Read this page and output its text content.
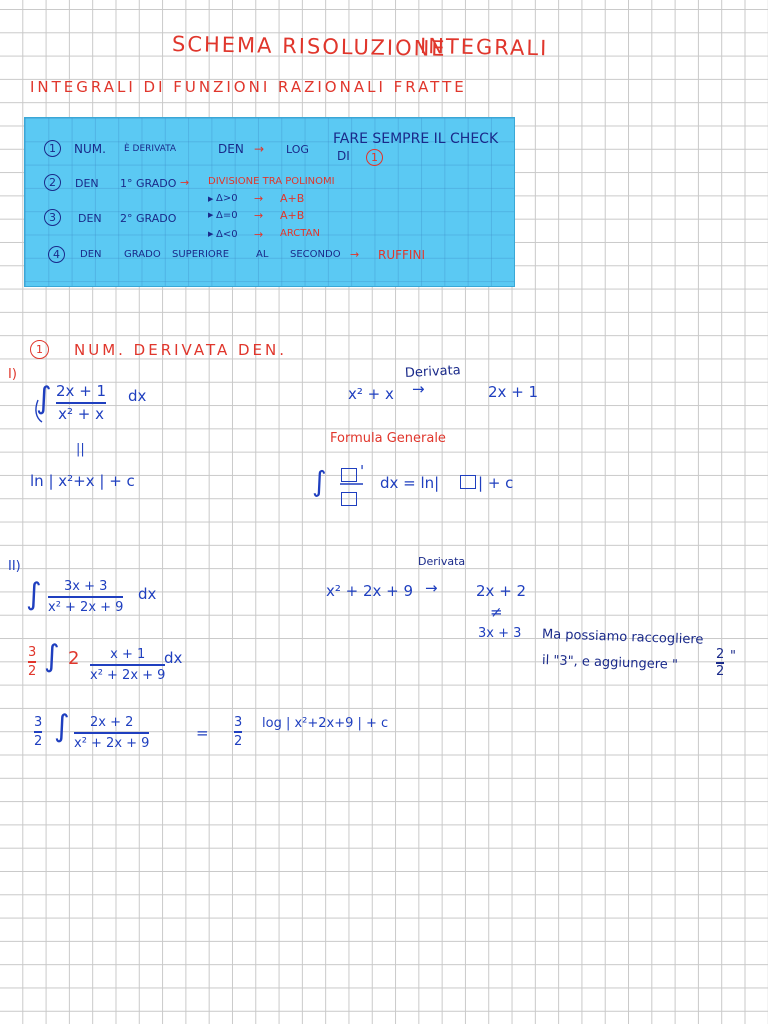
SCHEMA RISOLUZIONE
INTEGRALI
INTEGRALI DI FUNZIONI RAZIONALI FRATTE
1	NUM. È DERIVATA	DEN → LOG
FARE SEMPRE IL CHECK
DI	1
2	DEN 1° GRADO → DIVISIONE TRA POLINOMI
3	DEN 2° GRADO
▶ Δ>0 → A+B
▶ Δ=0 → A+B
▶ Δ<0 → ARCTAN
4	DEN GRADO SUPERIORE	AL SECONDO → RUFFINI
1	NUM. DERIVATA DEN.
I)
∫ 2x + 1
x² + x
dx
||
ln | x²+x | + c
Derivata
x² + x →	2x + 1
Formula Generale
∫ '
dx = ln|	| + c
II)
∫ 3x + 3
x² + 2x + 9
dx
Derivata
x² + 2x + 9 →	2x + 2
≠
3x + 3 Ma possiamo raccogliere
il "3", e aggiungere "	2
2
"
3
2 ∫ 2 x + 1
x² + 2x + 9
dx
3
2 ∫ 2x + 2
x² + 2x + 9
=
3
2
log | x²+2x+9 | + c
